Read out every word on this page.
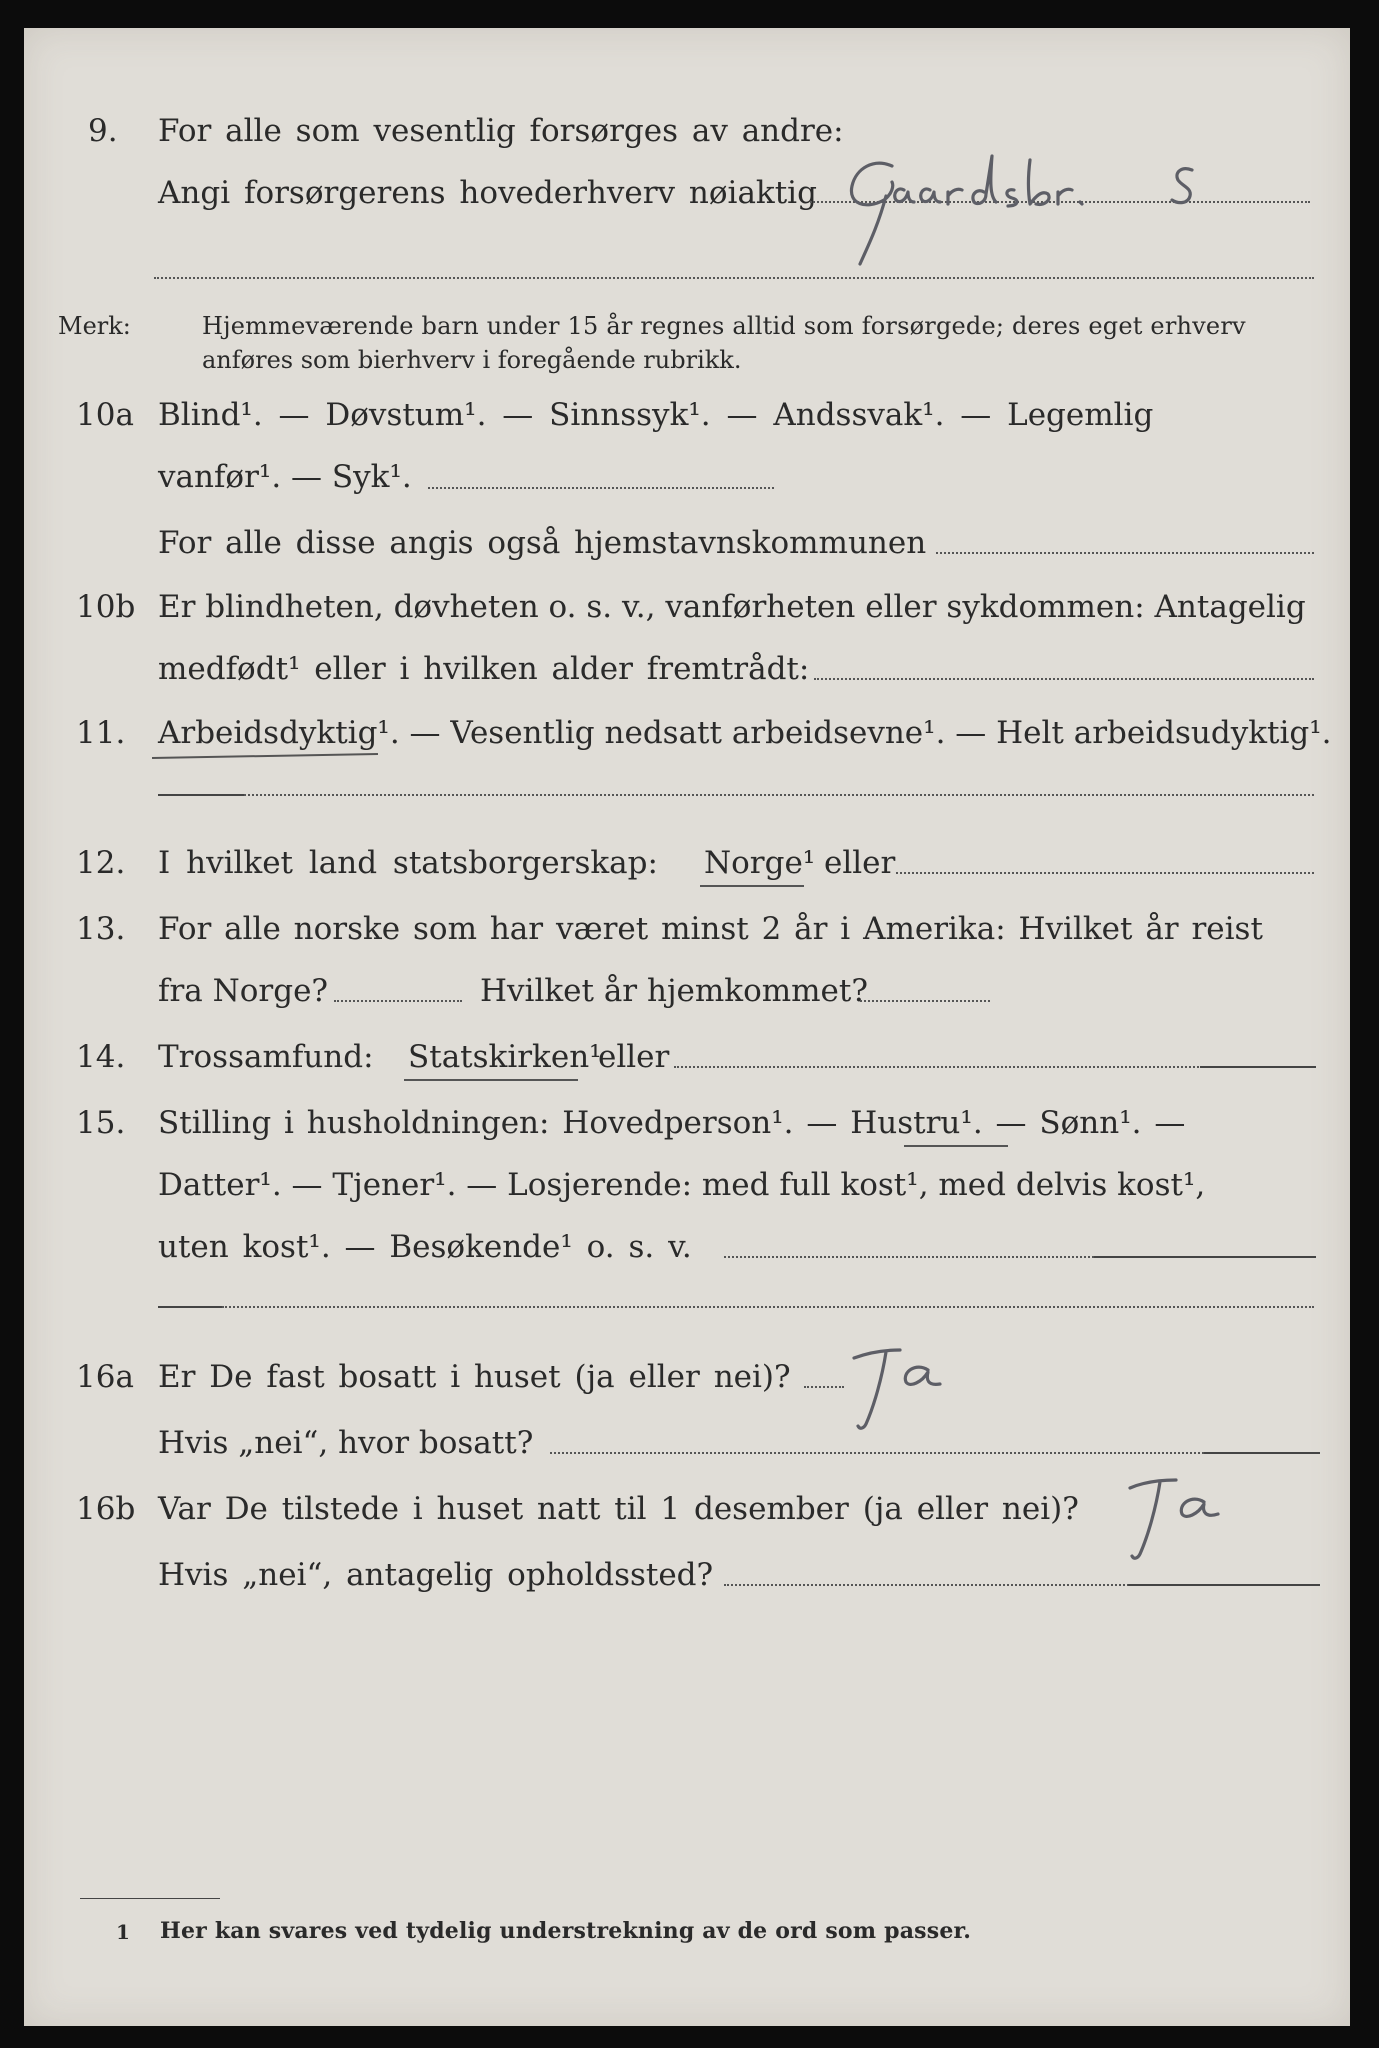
9. For alle som vesentlig forsørges av andre:
Angi forsørgerens hovederhverv nøiaktig
Merk:	Hjemmeværende barn under 15 år regnes alltid som forsørgede; deres eget erhverv
anføres som bierhverv i foregående rubrikk.
10a Blind¹. — Døvstum¹. — Sinnssyk¹. — Andssvak¹. — Legemlig
vanfør¹. — Syk¹.
For alle disse angis også hjemstavnskommunen
10b Er blindheten, døvheten o. s. v., vanførheten eller sykdommen: Antagelig
medfødt¹ eller i hvilken alder fremtrådt:
11. Arbeidsdyktig¹. — Vesentlig nedsatt arbeidsevne¹. — Helt arbeidsudyktig¹.
12. I hvilket land statsborgerskap: Norge¹ eller
13. For alle norske som har været minst 2 år i Amerika: Hvilket år reist
fra Norge?	Hvilket år hjemkommet?
14. Trossamfund: Statskirken¹
eller
15. Stilling i husholdningen: Hovedperson¹. — Hustru¹. — Sønn¹. —
Datter¹. — Tjener¹. — Losjerende: med full kost¹, med delvis kost¹,
uten kost¹. — Besøkende¹ o. s. v.
16a Er De fast bosatt i huset (ja eller nei)?
Hvis „nei“, hvor bosatt?
16b Var De tilstede i huset natt til 1 desember (ja eller nei)?
Hvis „nei“, antagelig opholdssted?
1 Her kan svares ved tydelig understrekning av de ord som passer.
